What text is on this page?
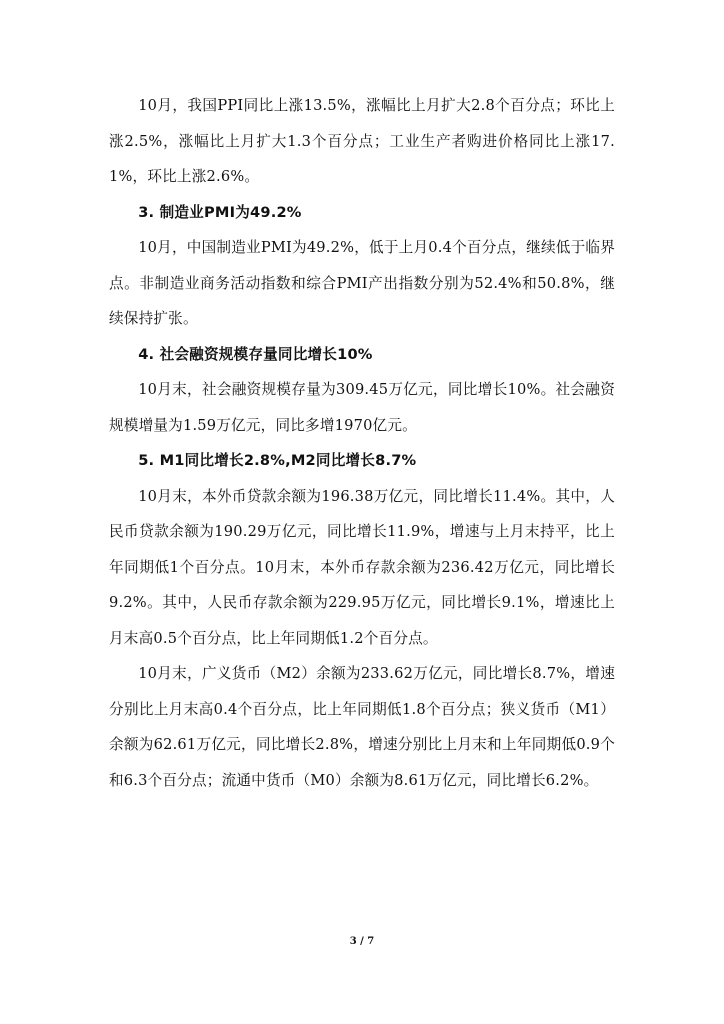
10月，我国PPI同比上涨13.5%，涨幅比上月扩大2.8个百分点；环比上涨2.5%，涨幅比上月扩大1.3个百分点；工业生产者购进价格同比上涨17.1%，环比上涨2.6%。

3. 制造业PMI为49.2%

10月，中国制造业PMI为49.2%，低于上月0.4个百分点，继续低于临界点。非制造业商务活动指数和综合PMI产出指数分别为52.4%和50.8%，继续保持扩张。

4. 社会融资规模存量同比增长10%

10月末，社会融资规模存量为309.45万亿元，同比增长10%。社会融资规模增量为1.59万亿元，同比多增1970亿元。

5. M1同比增长2.8%,M2同比增长8.7%

10月末，本外币贷款余额为196.38万亿元，同比增长11.4%。其中，人民币贷款余额为190.29万亿元，同比增长11.9%，增速与上月末持平，比上年同期低1个百分点。10月末，本外币存款余额为236.42万亿元，同比增长9.2%。其中，人民币存款余额为229.95万亿元，同比增长9.1%，增速比上月末高0.5个百分点，比上年同期低1.2个百分点。

10月末，广义货币（M2）余额为233.62万亿元，同比增长8.7%，增速分别比上月末高0.4个百分点，比上年同期低1.8个百分点；狭义货币（M1）余额为62.61万亿元，同比增长2.8%，增速分别比上月末和上年同期低0.9个和6.3个百分点；流通中货币（M0）余额为8.61万亿元，同比增长6.2%。

3 / 7
